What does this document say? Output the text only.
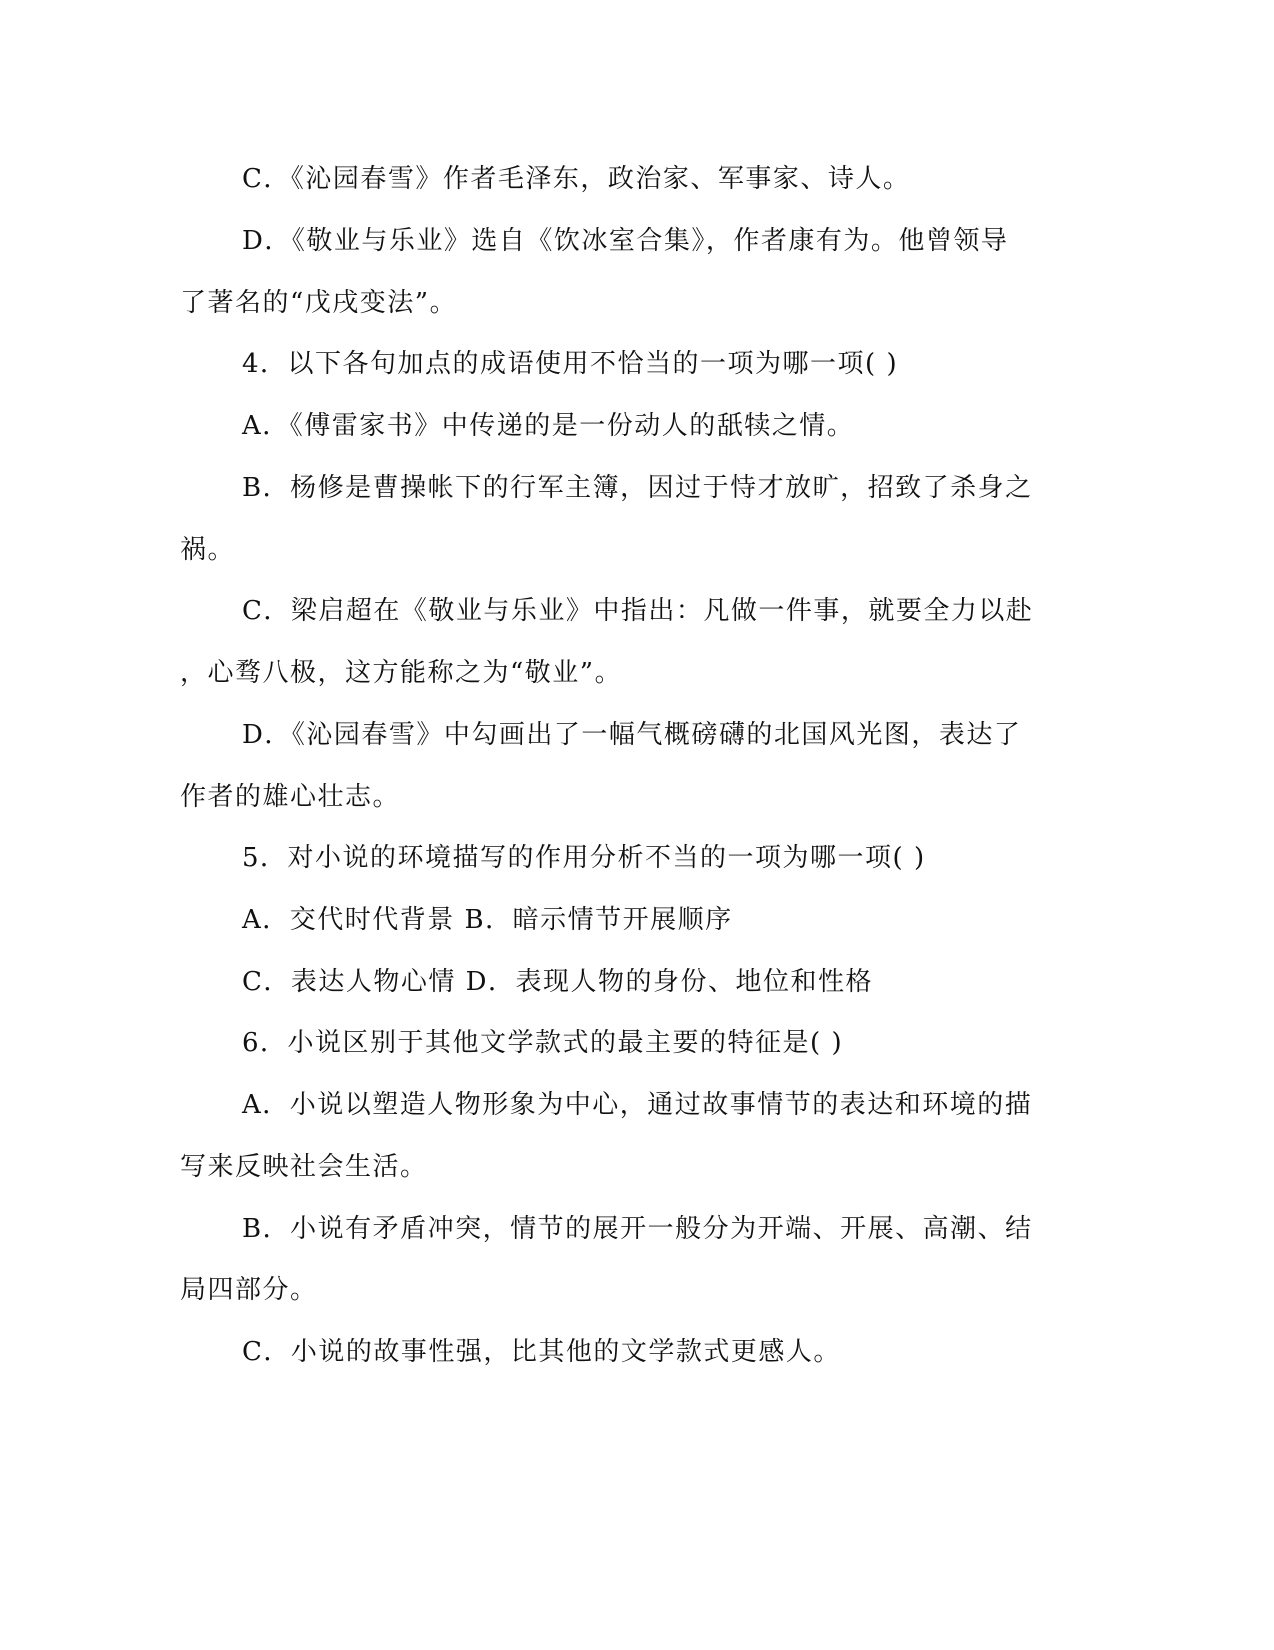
C．《沁园春雪》作者毛泽东，政治家、军事家、诗人。
D．《敬业与乐业》选自《饮冰室合集》，作者康有为。他曾领导
了著名的“戊戌变法”。
4．以下各句加点的成语使用不恰当的一项为哪一项( )
A．《傅雷家书》中传递的是一份动人的舐犊之情。
B．杨修是曹操帐下的行军主簿，因过于恃才放旷，招致了杀身之
祸。
C．梁启超在《敬业与乐业》中指出：凡做一件事，就要全力以赴
，心骛八极，这方能称之为“敬业”。
D．《沁园春雪》中勾画出了一幅气概磅礴的北国风光图，表达了
作者的雄心壮志。
5．对小说的环境描写的作用分析不当的一项为哪一项( )
A．交代时代背景 B．暗示情节开展顺序
C．表达人物心情 D．表现人物的身份、地位和性格
6．小说区别于其他文学款式的最主要的特征是( )
A．小说以塑造人物形象为中心，通过故事情节的表达和环境的描
写来反映社会生活。
B．小说有矛盾冲突，情节的展开一般分为开端、开展、高潮、结
局四部分。
C．小说的故事性强，比其他的文学款式更感人。
